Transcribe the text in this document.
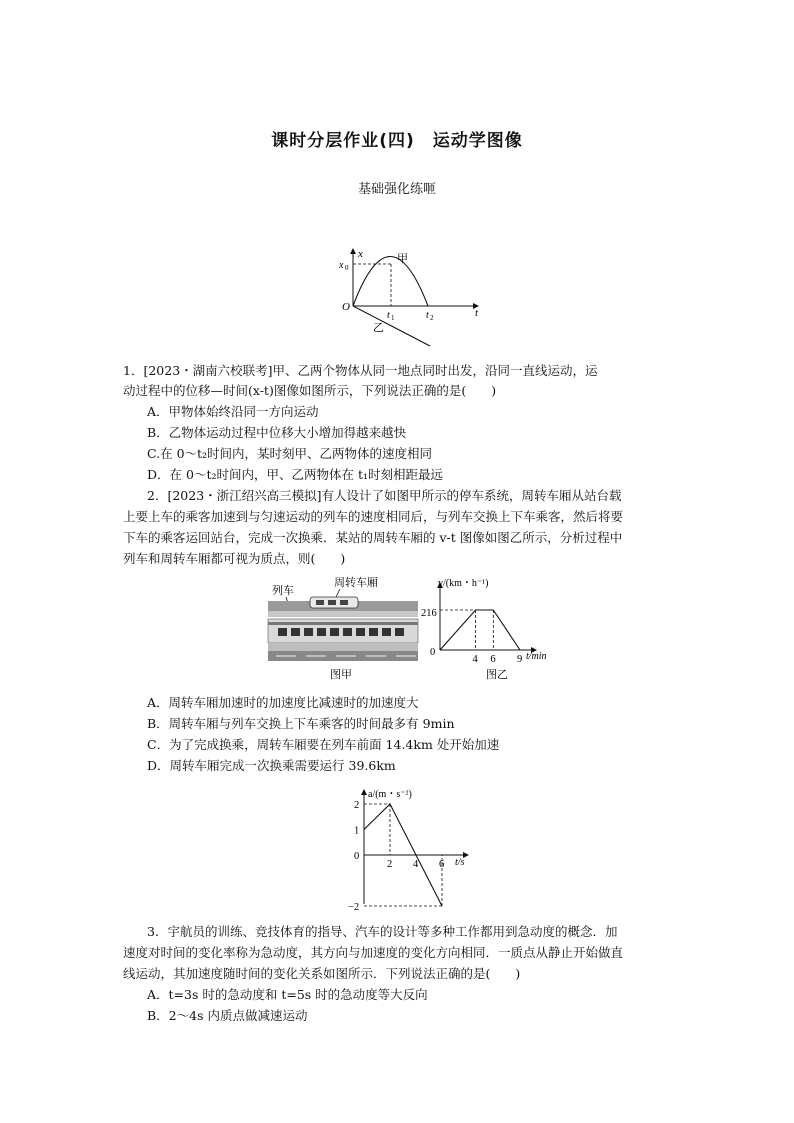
课时分层作业(四)　运动学图像
基础强化练咂
x
x 0
甲
O
t 1	t 2	t
乙
1．[2023・湖南六校联考]甲、乙两个物体从同一地点同时出发，沿同一直线运动，运
动过程中的位移—时间(x-t)图像如图所示，下列说法正确的是(　　)
A．甲物体始终沿同一方向运动
B．乙物体运动过程中位移大小增加得越来越快
C.在 0～t₂时间内，某时刻甲、乙两物体的速度相同
D．在 0～t₂时间内，甲、乙两物体在 t₁时刻相距最远
2．[2023・浙江绍兴高三模拟]有人设计了如图甲所示的停车系统，周转车厢从站台载
上要上车的乘客加速到与匀速运动的列车的速度相同后，与列车交换上下车乘客，然后将要
下车的乘客运回站台，完成一次换乘．某站的周转车厢的 v-t 图像如图乙所示，分析过程中
列车和周转车厢都可视为质点，则(　　)
列车
周转车厢
图甲
v/(km・h⁻¹)
216
0	t/min
图乙
4 6 9
A．周转车厢加速时的加速度比减速时的加速度大
B．周转车厢与列车交换上下车乘客的时间最多有 9min
C．为了完成换乘，周转车厢要在列车前面 14.4km 处开始加速
D．周转车厢完成一次换乘需要运行 39.6km
a/(m・s⁻²)
t/s
2
1
0
−2
2 4 6
3．宇航员的训练、竞技体育的指导、汽车的设计等多种工作都用到急动度的概念．加
速度对时间的变化率称为急动度，其方向与加速度的变化方向相同．一质点从静止开始做直
线运动，其加速度随时间的变化关系如图所示．下列说法正确的是(　　)
A．t=3s 时的急动度和 t=5s 时的急动度等大反向
B．2～4s 内质点做减速运动
